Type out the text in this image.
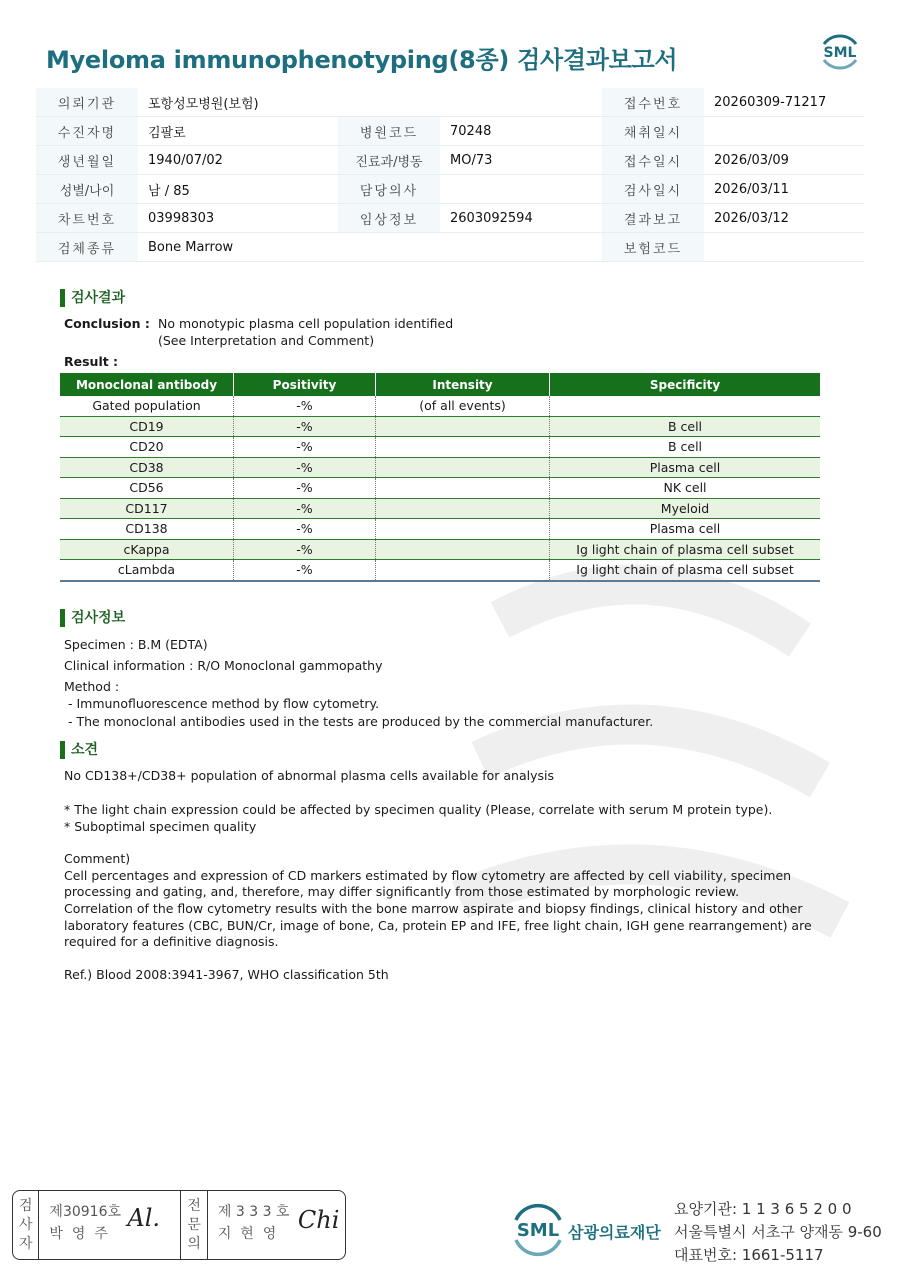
Myeloma immunophenotyping(8종) 검사결과보고서	SML
의뢰기관	포항성모병원(보험)			접수번호	20260309-71217
수진자명	김팔로	병원코드	70248	채취일시	
생년월일	1940/07/02	진료과/병동	MO/73	접수일시	2026/03/09
성별/나이	남 / 85	담당의사		검사일시	2026/03/11
차트번호	03998303	임상정보	2603092594	결과보고	2026/03/12
검체종류	Bone Marrow			보험코드	
검사결과
Conclusion : No monotypic plasma cell population identified
(See Interpretation and Comment)
Result :
Monoclonal antibody	Positivity	Intensity	Specificity
Gated population	-%	(of all events)	
CD19	-%		B cell
CD20	-%		B cell
CD38	-%		Plasma cell
CD56	-%		NK cell
CD117	-%		Myeloid
CD138	-%		Plasma cell
cKappa	-%		Ig light chain of plasma cell subset
cLambda	-%		Ig light chain of plasma cell subset
검사정보
Specimen : B.M (EDTA)
Clinical information : R/O Monoclonal gammopathy
Method :
- Immunofluorescence method by flow cytometry.
- The monoclonal antibodies used in the tests are produced by the commercial manufacturer.
소견
No CD138+/CD38+ population of abnormal plasma cells available for analysis
* The light chain expression could be affected by specimen quality (Please, correlate with serum M protein type).
* Suboptimal specimen quality
Comment)
Cell percentages and expression of CD markers estimated by flow cytometry are affected by cell viability, specimen
processing and gating, and, therefore, may differ significantly from those estimated by morphologic review.
Correlation of the flow cytometry results with the bone marrow aspirate and biopsy findings, clinical history and other
laboratory features (CBC, BUN/Cr, image of bone, Ca, protein EP and IFE, free light chain, IGH gene rearrangement) are
required for a definitive diagnosis.
Ref.) Blood 2008:3941-3967, WHO classification 5th
검
사
자
제30916호
박  영  주
Al. 전
문
의
제 3 3 3 호
지  현  영 Chi	SML 삼광의료재단
요양기관: 1 1 3 6 5 2 0 0
서울특별시 서초구 양재동 9-60
대표번호: 1661-5117
